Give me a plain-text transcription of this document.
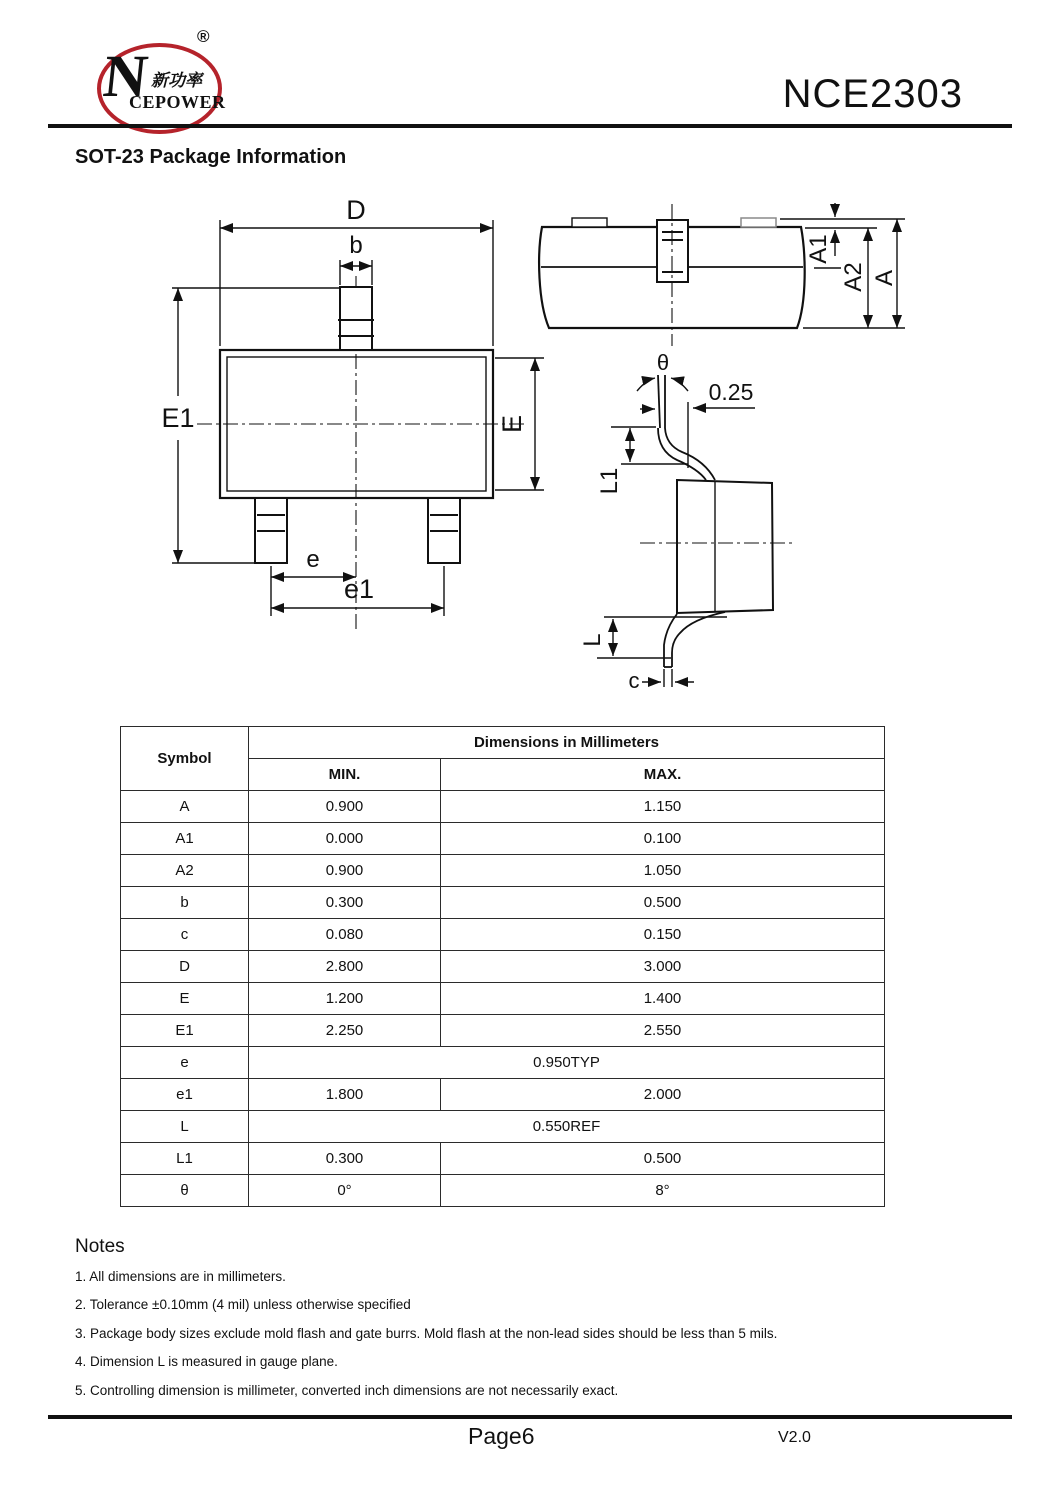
®
N 新功率
CEPOWER	NCE2303
SOT-23 Package Information
D
b
E1	E
e
e1
A1
A2 A
θ
0.25
L1
L
c
Symbol	Dimensions in Millimeters	
	MIN.	MAX.
A	0.900	1.150
A1	0.000	0.100
A2	0.900	1.050
b	0.300	0.500
c	0.080	0.150
D	2.800	3.000
E	1.200	1.400
E1	2.250	2.550
e	0.950TYP	
e1	1.800	2.000
L	0.550REF	
L1	0.300	0.500
θ	0°	8°
Notes

1. All dimensions are in millimeters.

2. Tolerance ±0.10mm (4 mil) unless otherwise specified

3. Package body sizes exclude mold flash and gate burrs. Mold flash at the non-lead sides should be less than 5 mils.

4. Dimension L is measured in gauge plane.

5. Controlling dimension is millimeter, converted inch dimensions are not necessarily exact.

Page6	V2.0
